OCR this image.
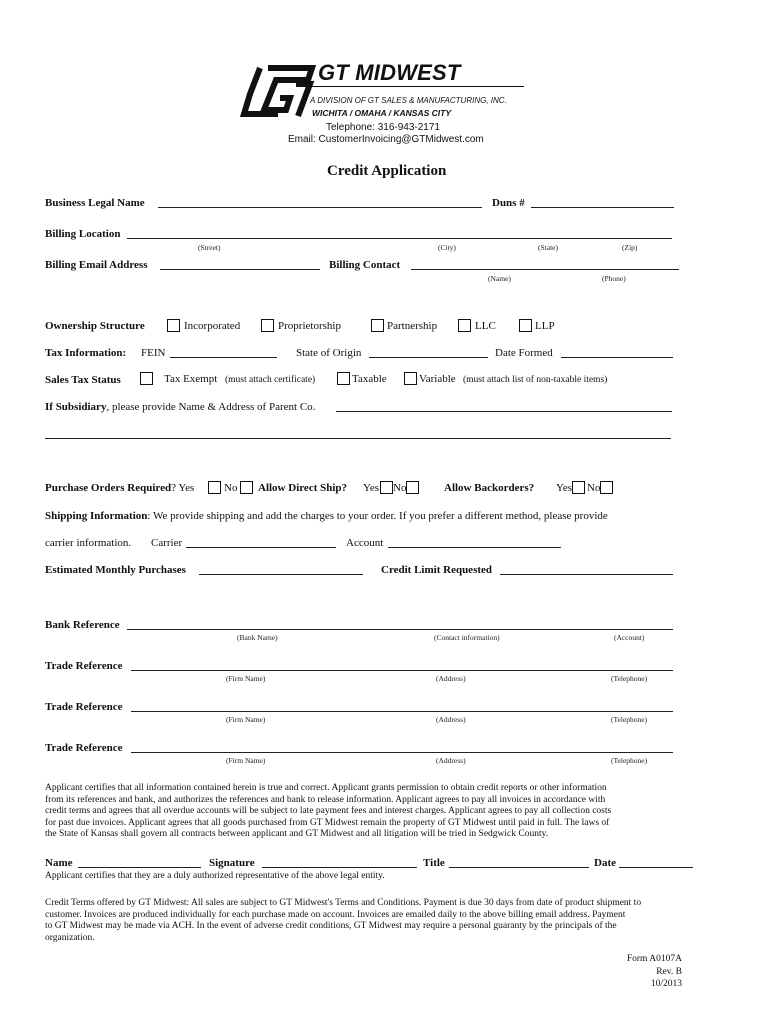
GT MIDWEST
A DIVISION OF GT SALES & MANUFACTURING, INC.
WICHITA / OMAHA / KANSAS CITY
Telephone: 316-943-2171
Email: CustomerInvoicing@GTMidwest.com
Credit Application
Business Legal Name	Duns #
Billing Location
(Street)	(City)	(State)	(Zip)
Billing Email Address	Billing Contact
(Name)	(Phone)
Ownership Structure	Incorporated	Proprietorship	Partnership	LLC	LLP
Tax Information: FEIN	State of Origin	Date Formed
Sales Tax Status	Tax Exempt (must attach certificate)	Taxable	Variable (must attach list of non-taxable items)
If Subsidiary, please provide Name & Address of Parent Co.
Purchase Orders Required? Yes	No Allow Direct Ship? Yes No	Allow Backorders? Yes No
Shipping Information: We provide shipping and add the charges to your order. If you prefer a different method, please provide
carrier information. Carrier	Account
Estimated Monthly Purchases	Credit Limit Requested
Bank Reference
(Bank Name)	(Contact information)	(Account)
Trade Reference
(Firm Name)	(Address)	(Telephone)
Trade Reference
(Firm Name)	(Address)	(Telephone)
Trade Reference
(Firm Name)	(Address)	(Telephone)
Applicant certifies that all information contained herein is true and correct. Applicant grants permission to obtain credit reports or other information
from its references and bank, and authorizes the references and bank to release information. Applicant agrees to pay all invoices in accordance with
credit terms and agrees that all overdue accounts will be subject to late payment fees and interest charges. Applicant agrees to pay all collection costs
for past due invoices. Applicant agrees that all goods purchased from GT Midwest remain the property of GT Midwest until paid in full. The laws of
the State of Kansas shall govern all contracts between applicant and GT Midwest and all litigation will be tried in Sedgwick County.
Name	Signature	Title	Date
Applicant certifies that they are a duly authorized representative of the above legal entity.
Credit Terms offered by GT Midwest: All sales are subject to GT Midwest's Terms and Conditions. Payment is due 30 days from date of product shipment to
customer. Invoices are produced individually for each purchase made on account. Invoices are emailed daily to the above billing email address. Payment
to GT Midwest may be made via ACH. In the event of adverse credit conditions, GT Midwest may require a personal guaranty by the principals of the
organization.
Form A0107A
Rev. B
10/2013
